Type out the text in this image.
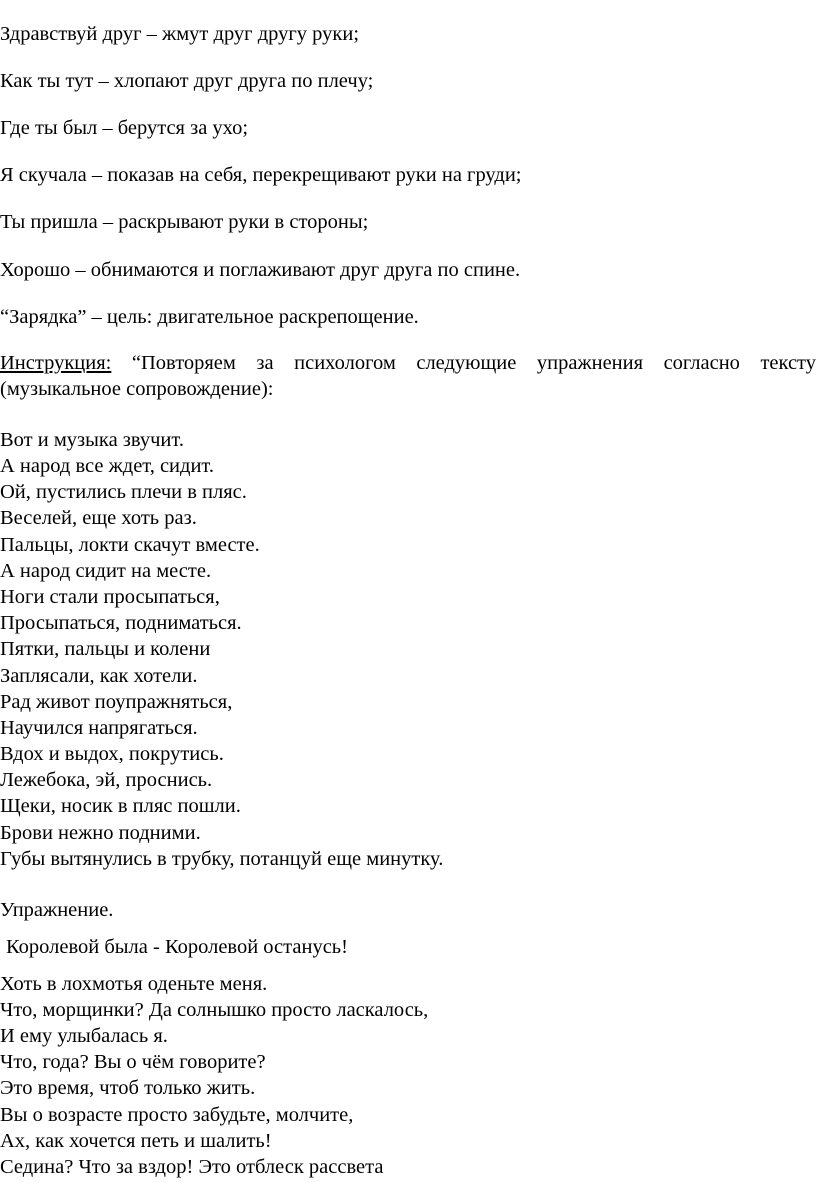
Здравствуй друг – жмут друг другу руки;
Как ты тут – хлопают друг друга по плечу;
Где ты был – берутся за ухо;
Я скучала – показав на себя, перекрещивают руки на груди;
Ты пришла – раскрывают руки в стороны;
Хорошо – обнимаются и поглаживают друг друга по спине.
“Зарядка” – цель: двигательное раскрепощение.
Инструкция: “Повторяем за психологом следующие упражнения согласно тексту
(музыкальное сопровождение):
Вот и музыка звучит.
А народ все ждет, сидит.
Ой, пустились плечи в пляс.
Веселей, еще хоть раз.
Пальцы, локти скачут вместе.
А народ сидит на месте.
Ноги стали просыпаться,
Просыпаться, подниматься.
Пятки, пальцы и колени
Заплясали, как хотели.
Рад живот поупражняться,
Научился напрягаться.
Вдох и выдох, покрутись.
Лежебока, эй, проснись.
Щеки, носик в пляс пошли.
Брови нежно подними.
Губы вытянулись в трубку, потанцуй еще минутку.
Упражнение.
Королевой была - Королевой останусь!
Хоть в лохмотья оденьте меня.
Что, морщинки? Да солнышко просто ласкалось,
И ему улыбалась я.
Что, года? Вы о чём говорите?
Это время, чтоб только жить.
Вы о возрасте просто забудьте, молчите,
Ах, как хочется петь и шалить!
Седина? Что за вздор! Это отблеск рассвета
